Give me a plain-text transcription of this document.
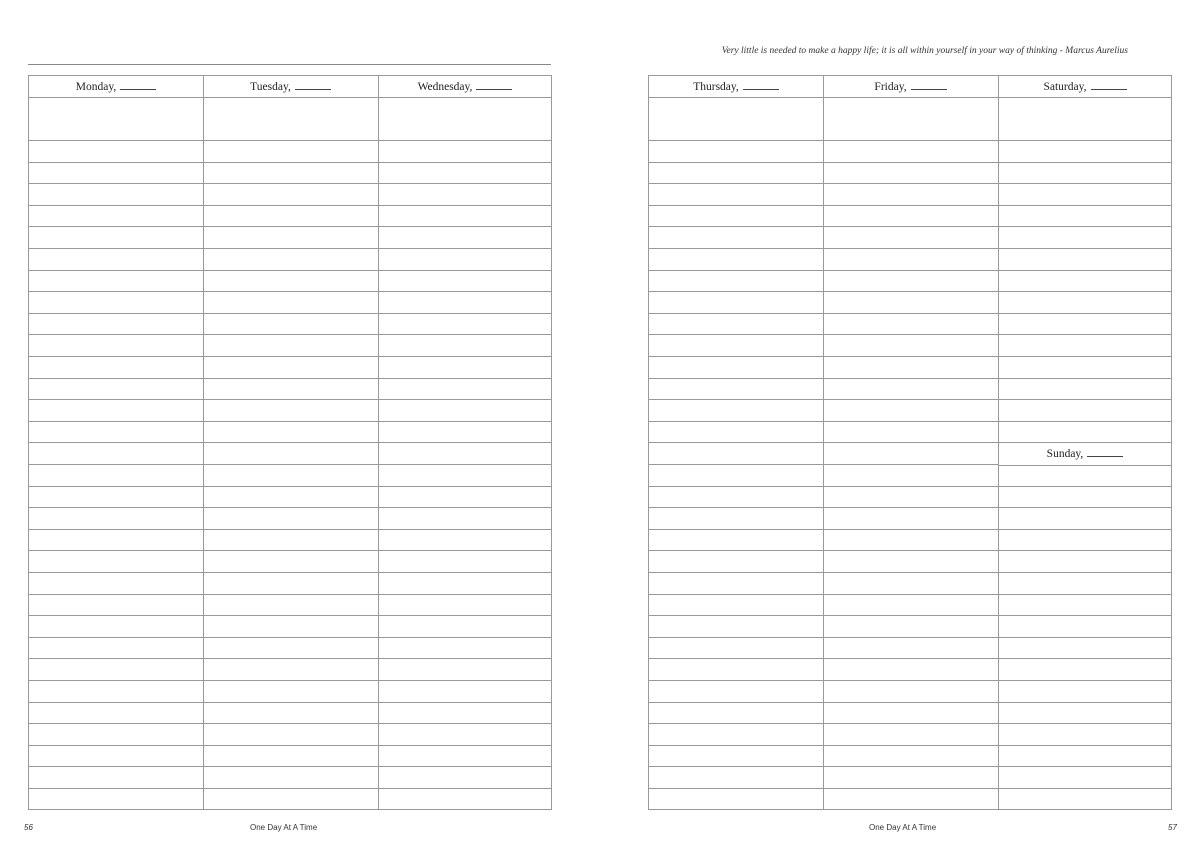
Monday,	Tuesday,	Wednesday,
56	One Day At A Time
Very little is needed to make a happy life; it is all within yourself in your way of thinking - Marcus Aurelius
Thursday,	Friday,	Saturday,
Sunday,
One Day At A Time	57
